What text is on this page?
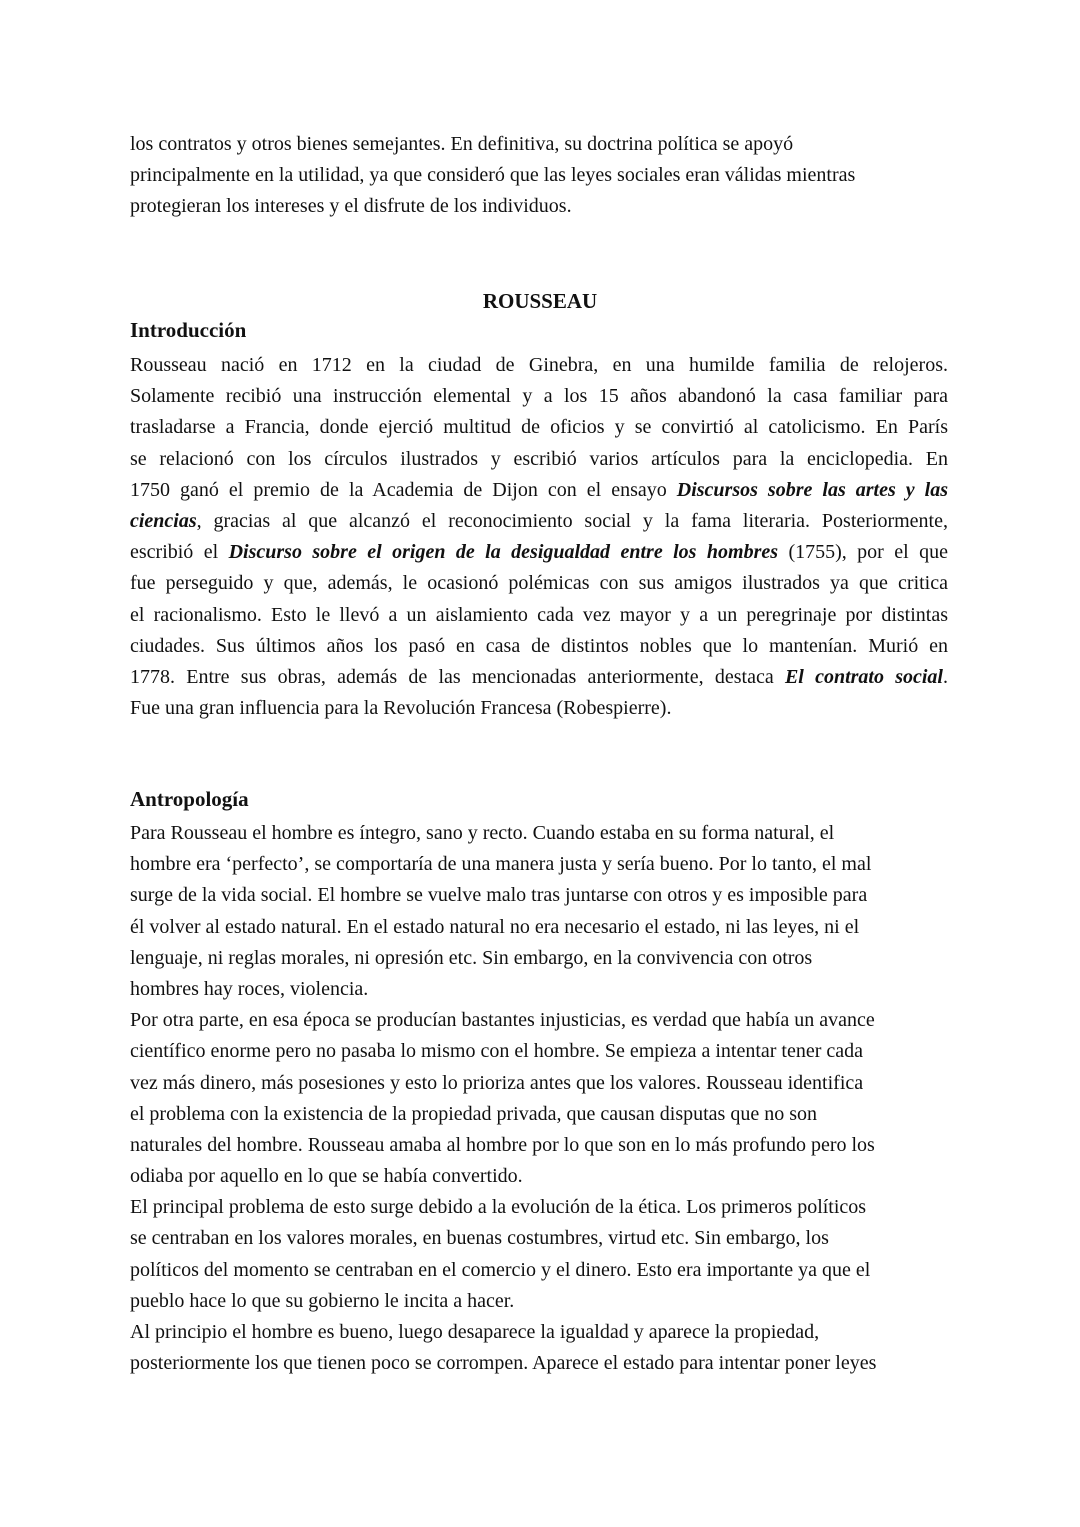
los contratos y otros bienes semejantes. En definitiva, su doctrina política se apoyó
principalmente en la utilidad, ya que consideró que las leyes sociales eran válidas mientras
protegieran los intereses y el disfrute de los individuos.
ROUSSEAU
Introducción
Rousseau nació en 1712 en la ciudad de Ginebra, en una humilde familia de relojeros.
Solamente recibió una instrucción elemental y a los 15 años abandonó la casa familiar para
trasladarse a Francia, donde ejerció multitud de oficios y se convirtió al catolicismo. En París
se relacionó con los círculos ilustrados y escribió varios artículos para la enciclopedia. En
1750 ganó el premio de la Academia de Dijon con el ensayo Discursos sobre las artes y las
ciencias, gracias al que alcanzó el reconocimiento social y la fama literaria. Posteriormente,
escribió el Discurso sobre el origen de la desigualdad entre los hombres (1755), por el que
fue perseguido y que, además, le ocasionó polémicas con sus amigos ilustrados ya que critica
el racionalismo. Esto le llevó a un aislamiento cada vez mayor y a un peregrinaje por distintas
ciudades. Sus últimos años los pasó en casa de distintos nobles que lo mantenían. Murió en
1778. Entre sus obras, además de las mencionadas anteriormente, destaca El contrato social.
Fue una gran influencia para la Revolución Francesa (Robespierre).
Antropología
Para Rousseau el hombre es íntegro, sano y recto. Cuando estaba en su forma natural, el
hombre era ‘perfecto’, se comportaría de una manera justa y sería bueno. Por lo tanto, el mal
surge de la vida social. El hombre se vuelve malo tras juntarse con otros y es imposible para
él volver al estado natural. En el estado natural no era necesario el estado, ni las leyes, ni el
lenguaje, ni reglas morales, ni opresión etc. Sin embargo, en la convivencia con otros
hombres hay roces, violencia.
Por otra parte, en esa época se producían bastantes injusticias, es verdad que había un avance
científico enorme pero no pasaba lo mismo con el hombre. Se empieza a intentar tener cada
vez más dinero, más posesiones y esto lo prioriza antes que los valores. Rousseau identifica
el problema con la existencia de la propiedad privada, que causan disputas que no son
naturales del hombre. Rousseau amaba al hombre por lo que son en lo más profundo pero los
odiaba por aquello en lo que se había convertido.
El principal problema de esto surge debido a la evolución de la ética. Los primeros políticos
se centraban en los valores morales, en buenas costumbres, virtud etc. Sin embargo, los
políticos del momento se centraban en el comercio y el dinero. Esto era importante ya que el
pueblo hace lo que su gobierno le incita a hacer.
Al principio el hombre es bueno, luego desaparece la igualdad y aparece la propiedad,
posteriormente los que tienen poco se corrompen. Aparece el estado para intentar poner leyes
